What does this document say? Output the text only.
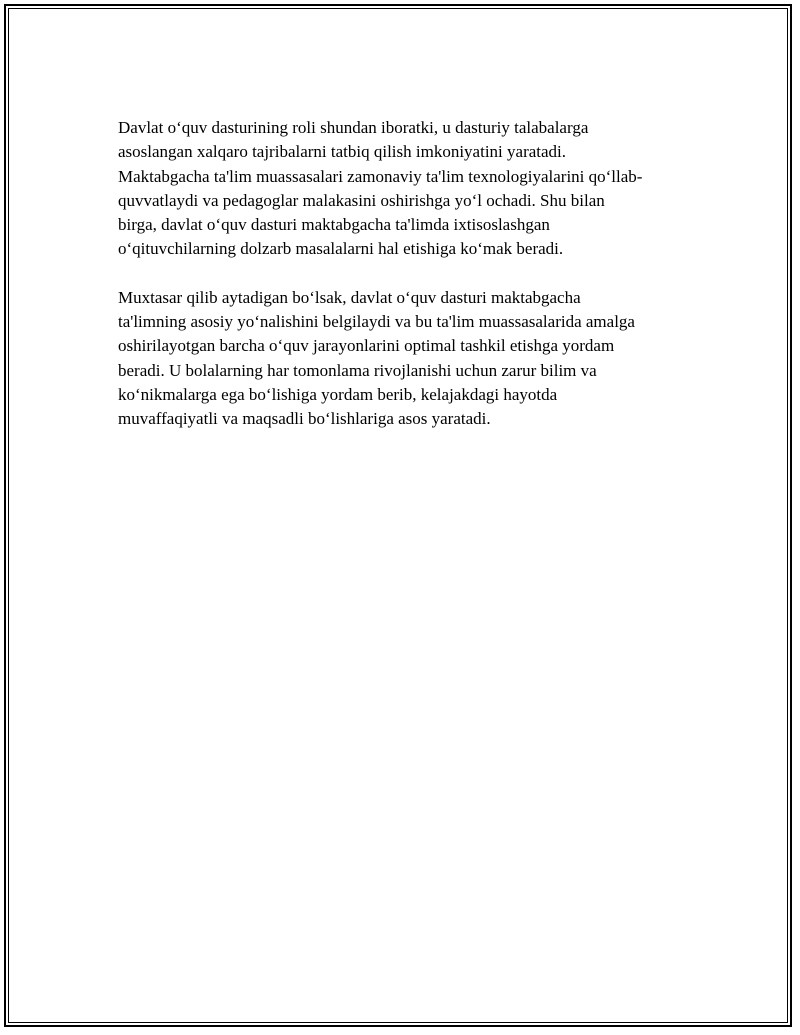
Davlat o‘quv dasturining roli shundan iboratki, u dasturiy talabalarga
asoslangan xalqaro tajribalarni tatbiq qilish imkoniyatini yaratadi.
Maktabgacha ta'lim muassasalari zamonaviy ta'lim texnologiyalarini qo‘llab-
quvvatlaydi va pedagoglar malakasini oshirishga yo‘l ochadi. Shu bilan
birga, davlat o‘quv dasturi maktabgacha ta'limda ixtisoslashgan
o‘qituvchilarning dolzarb masalalarni hal etishiga ko‘mak beradi.

Muxtasar qilib aytadigan bo‘lsak, davlat o‘quv dasturi maktabgacha
ta'limning asosiy yo‘nalishini belgilaydi va bu ta'lim muassasalarida amalga
oshirilayotgan barcha o‘quv jarayonlarini optimal tashkil etishga yordam
beradi. U bolalarning har tomonlama rivojlanishi uchun zarur bilim va
ko‘nikmalarga ega bo‘lishiga yordam berib, kelajakdagi hayotda
muvaffaqiyatli va maqsadli bo‘lishlariga asos yaratadi.
